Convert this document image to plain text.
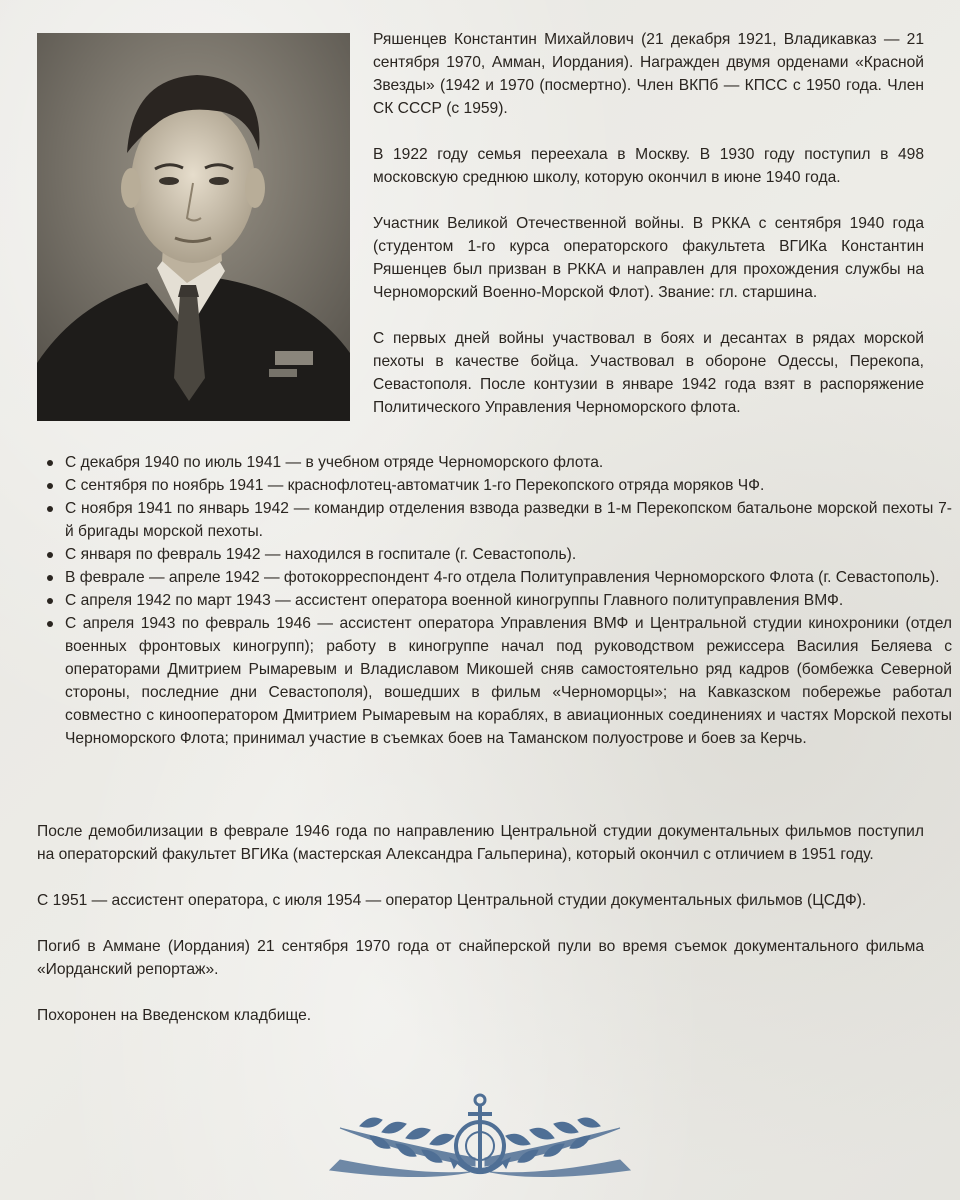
Ряшенцев Константин Михайлович (21 декабря 1921, Владикавказ — 21 сентября 1970, Амман, Иордания). Награжден двумя орденами «Красной Звезды» (1942 и 1970 (посмертно). Член ВКПб — КПСС с 1950 года. Член СК СССР (с 1959).

В 1922 году семья переехала в Москву. В 1930 году поступил в 498 московскую среднюю школу, которую окончил в июне 1940 года.

Участник Великой Отечественной войны. В РККА с сентября 1940 года (студентом 1-го курса операторского факультета ВГИКа Константин Ряшенцев был призван в РККА и направлен для прохождения службы на Черноморский Военно-Морской Флот). Звание: гл. старшина.

С первых дней войны участвовал в боях и десантах в рядах морской пехоты в качестве бойца. Участвовал в обороне Одессы, Перекопа, Севастополя. После контузии в январе 1942 года взят в распоряжение Политического Управления Черноморского флота.

С декабря 1940 по июль 1941 — в учебном отряде Черноморского флота.
С сентября по ноябрь 1941 — краснофлотец-автоматчик 1-го Перекопского отряда моряков ЧФ.
С ноября 1941 по январь 1942 — командир отделения взвода разведки в 1-м Перекопском батальоне морской пехоты 7-й бригады морской пехоты.
С января по февраль 1942 — находился в госпитале (г. Севастополь).
В феврале — апреле 1942 — фотокорреспондент 4-го отдела Политуправления Черноморского Флота (г. Севастополь).
С апреля 1942 по март 1943 — ассистент оператора военной киногруппы Главного политуправления ВМФ.
С апреля 1943 по февраль 1946 — ассистент оператора Управления ВМФ и Центральной студии кинохроники (отдел военных фронтовых киногрупп); работу в киногруппе начал под руководством режиссера Василия Беляева с операторами Дмитрием Рымаревым и Владиславом Микошей сняв самостоятельно ряд кадров (бомбежка Северной стороны, последние дни Севастополя), вошедших в фильм «Черноморцы»; на Кавказском побережье работал совместно с кинооператором Дмитрием Рымаревым на кораблях, в авиационных соединениях и частях Морской пехоты Черноморского Флота; принимал участие в съемках боев на Таманском полуострове и боев за Керчь.

После демобилизации в феврале 1946 года по направлению Центральной студии документальных фильмов поступил на операторский факультет ВГИКа (мастерская Александра Гальперина), который окончил с отличием в 1951 году.

С 1951 — ассистент оператора, с июля 1954 — оператор Центральной студии документальных фильмов (ЦСДФ).

Погиб в Аммане (Иордания) 21 сентября 1970 года от снайперской пули во время съемок документального фильма «Иорданский репортаж».

Похоронен на Введенском кладбище.
